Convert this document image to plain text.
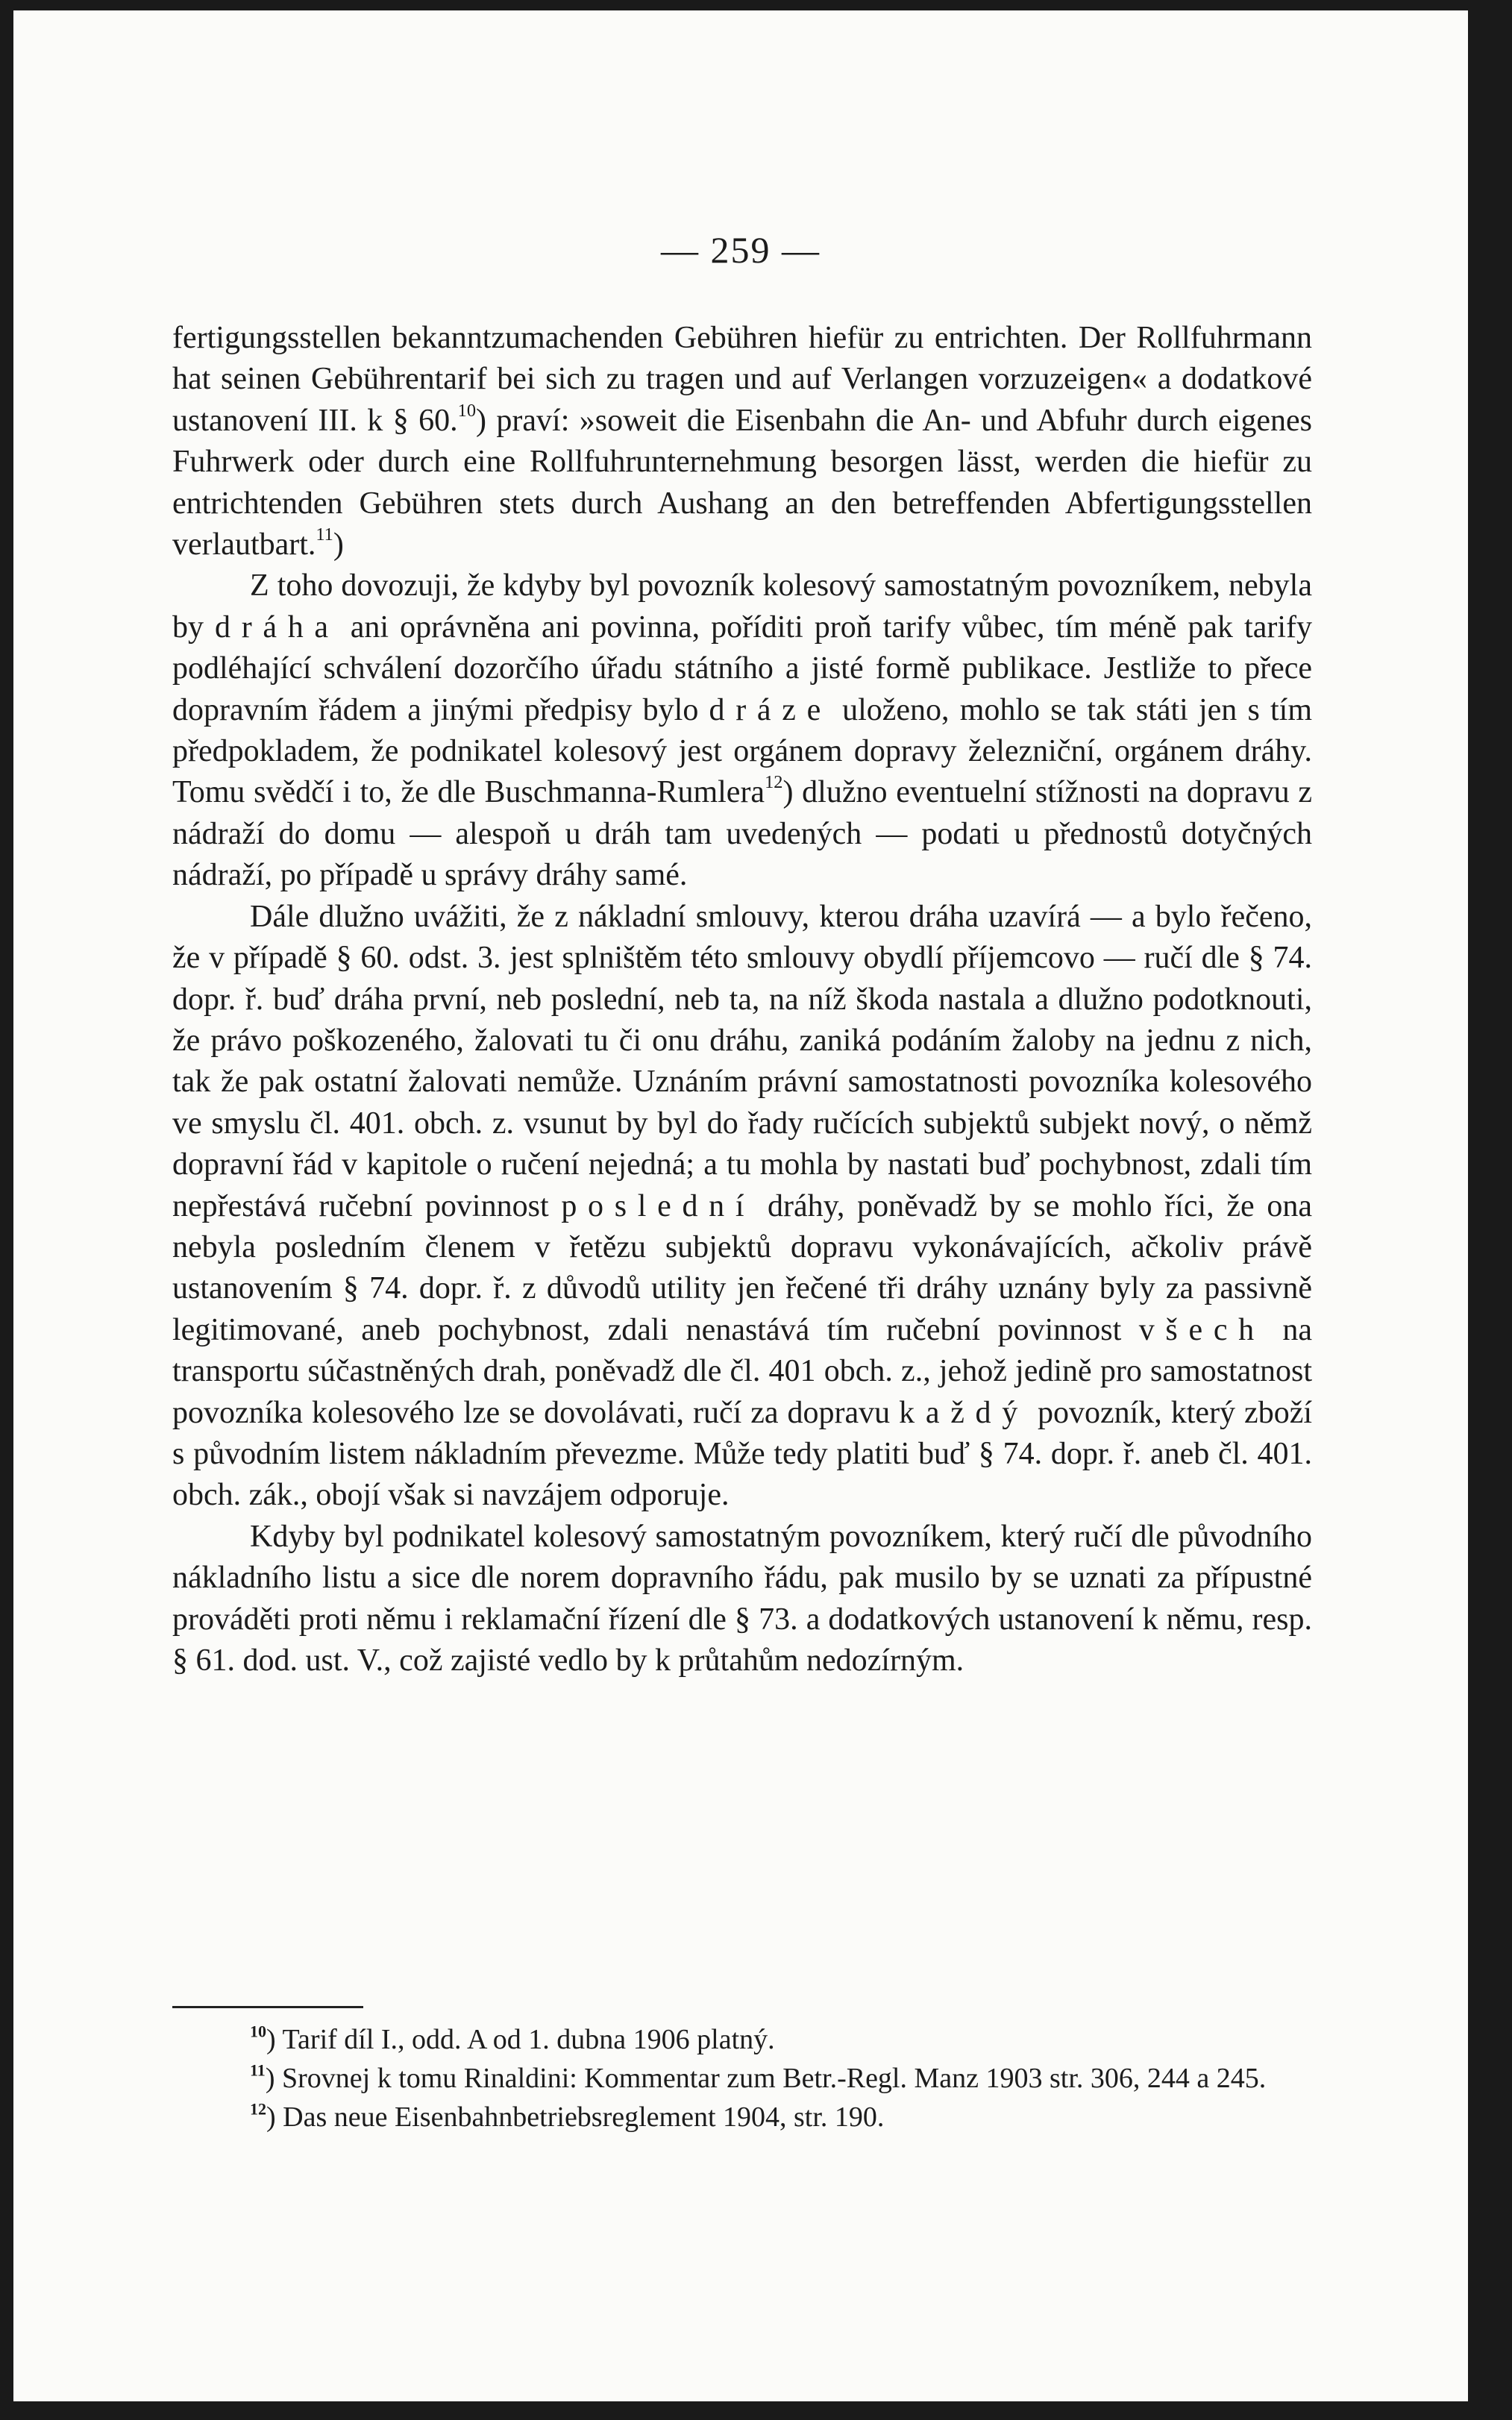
— 259 —

fertigungsstellen bekanntzumachenden Gebühren hiefür zu entrichten. Der Rollfuhrmann hat seinen Gebührentarif bei sich zu tragen und auf Verlangen vorzuzeigen« a dodatkové ustanovení III. k § 60.10) praví: »soweit die Eisenbahn die An- und Abfuhr durch eigenes Fuhrwerk oder durch eine Rollfuhrunternehmung besorgen lässt, werden die hiefür zu entrichtenden Gebühren stets durch Aushang an den betreffenden Abfertigungsstellen verlautbart.$^{11}$)

Z toho dovozuji, že kdyby byl povozník kolesový samostatným povozníkem, nebyla by dráha ani oprávněna ani povinna, poříditi proň tarify vůbec, tím méně pak tarify podléhající schválení dozorčího úřadu státního a jisté formě publikace. Jestliže to přece dopravním řádem a jinými předpisy bylo dráze uloženo, mohlo se tak státi jen s tím předpokladem, že podnikatel kolesový jest orgánem dopravy železniční, orgánem dráhy. Tomu svědčí i to, že dle Buschmanna-Rumlera$^{12}$) dlužno eventuelní stížnosti na dopravu z nádraží do domu — alespoň u dráh tam uvedených — podati u přednostů dotyčných nádraží, po případě u správy dráhy samé.

Dále dlužno uvážiti, že z nákladní smlouvy, kterou dráha uzavírá — a bylo řečeno, že v případě § 60. odst. 3. jest splništěm této smlouvy obydlí příjemcovo — ručí dle § 74. dopr. ř. buď dráha první, neb poslední, neb ta, na níž škoda nastala a dlužno podotknouti, že právo poškozeného, žalovati tu či onu dráhu, zaniká podáním žaloby na jednu z nich, tak že pak ostatní žalovati nemůže. Uznáním právní samostatnosti povozníka kolesového ve smyslu čl. 401. obch. z. vsunut by byl do řady ručících subjektů subjekt nový, o němž dopravní řád v kapitole o ručení nejedná; a tu mohla by nastati buď pochybnost, zdali tím nepřestává ručební povinnost poslední dráhy, poněvadž by se mohlo říci, že ona nebyla posledním členem v řetězu subjektů dopravu vykonávajících, ačkoliv právě ustanovením § 74. dopr. ř. z důvodů utility jen řečené tři dráhy uznány byly za passivně legitimované, aneb pochybnost, zdali nenastává tím ručební povinnost všech na transportu súčastněných drah, poněvadž dle čl. 401 obch. z., jehož jedině pro samostatnost povozníka kolesového lze se dovolávati, ručí za dopravu každý povozník, který zboží s původním listem nákladním převezme. Může tedy platiti buď § 74. dopr. ř. aneb čl. 401. obch. zák., obojí však si navzájem odporuje.

Kdyby byl podnikatel kolesový samostatným povozníkem, který ručí dle původního nákladního listu a sice dle norem dopravního řádu, pak musilo by se uznati za přípustné prováděti proti němu i reklamační řízení dle § 73. a dodatkových ustanovení k němu, resp. § 61. dod. ust. V., což zajisté vedlo by k průtahům nedozírným.

$^{10}$) Tarif díl I., odd. A od 1. dubna 1906 platný.

$^{11}$) Srovnej k tomu Rinaldini: Kommentar zum Betr.-Regl. Manz 1903 str. 306, 244 a 245.

$^{12}$) Das neue Eisenbahnbetriebsreglement 1904, str. 190.
